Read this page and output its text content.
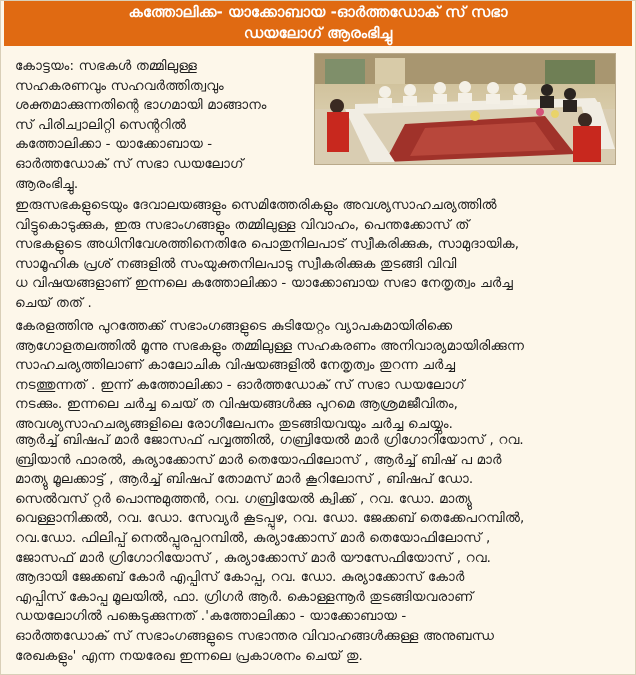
കത്തോലിക്ക- യാക്കോബായ -ഓർത്തഡോക് സ് സഭാ
ഡയലോഗ് ആരംഭിച്ചു
കോട്ടയം: സഭകൾ തമ്മിലുള്ള
സഹകരണവും സഹവർത്തിത്വവും
ശക്തമാക്കുന്നതിന്റെ ഭാഗമായി മാങ്ങാനം
സ് പിരിച്വാലിറ്റി സെന്ററിൽ
കത്തോലിക്കാ - യാക്കോബായ -
ഓർത്തഡോക് സ് സഭാ ഡയലോഗ്
ആരംഭിച്ചു.
ഇരുസഭകളുടെയും ദേവാലയങ്ങളും സെമിത്തേരികളും അവശ്യസാഹചര്യത്തിൽ
വിട്ടുകൊടുക്കുക, ഇരു സഭാംഗങ്ങളും തമ്മിലുള്ള വിവാഹം, പെന്തക്കോസ് ത്
സഭകളുടെ അധിനിവേശത്തിനെതിരേ പൊതുനിലപാട് സ്വീകരിക്കുക, സാമുദായിക,
സാമൂഹിക പ്രശ് നങ്ങളിൽ സംയുക്തനിലപാടു സ്വീകരിക്കുക തുടങ്ങി വിവി
ധ വിഷയങ്ങളാണ് ഇന്നലെ കത്തോലിക്കാ - യാക്കോബായ സഭാ നേതൃത്വം ചർച്ച
ചെയ് തത് .
കേരളത്തിനു പുറത്തേക്ക് സഭാംഗങ്ങളുടെ കുടിയേറ്റം വ്യാപകമായിരിക്കെ
ആഗോളതലത്തിൽ മൂന്നു സഭകളും തമ്മിലുള്ള സഹകരണം അനിവാര്യമായിരിക്കുന്ന
സാഹചര്യത്തിലാണ് കാലോചിക വിഷയങ്ങളിൽ നേതൃത്വം തുറന്ന ചർച്ച
നടത്തുന്നത് . ഇന്ന് കത്തോലിക്കാ - ഓർത്തഡോക് സ് സഭാ ഡയലോഗ്
നടക്കും. ഇന്നലെ ചർച്ച ചെയ് ത വിഷയങ്ങൾക്കു പുറമെ ആശ്രമജീവിതം,
അവശ്യസാഹചര്യങ്ങളിലെ രോഗീലേപനം തുടങ്ങിയവയും ചർച്ച ചെയ്യും.
ആർച്ച് ബിഷപ് മാർ ജോസഫ് പവ്വത്തിൽ, ഗബ്രിയേൽ മാർ ഗ്രിഗോറിയോസ് , റവ.
ബ്രിയാൻ ഫാരൽ, കുര്യാക്കോസ് മാർ തെയോഫിലോസ് , ആർച്ച് ബിഷ് പ മാർ
മാത്യു മൂലക്കാട്ട് , ആർച്ച് ബിഷപ് തോമസ് മാർ കൂറിലോസ് , ബിഷപ് ഡോ.
സെൽവസ് റ്റർ പൊന്നുമുത്തൻ, റവ. ഗബ്രിയേൽ ക്വിക്ക് , റവ. ഡോ. മാത്യു
വെള്ളാനിക്കൽ, റവ. ഡോ. സേവ്യർ കൂടപ്പുഴ, റവ. ഡോ. ജേക്കബ് തെക്കേപറമ്പിൽ,
റവ.ഡോ. ഫിലിപ്പ് നെൽപ്പുരപ്പറമ്പിൽ, കുര്യാക്കോസ് മാർ തെയോഫിലോസ് ,
ജോസഫ് മാർ ഗ്രിഗോറിയോസ് , കുര്യാക്കോസ് മാർ യൗസേഫിയോസ് , റവ.
ആദായി ജേക്കബ് കോർ എപ്പിസ് കോപ്പ, റവ. ഡോ. കുര്യാക്കോസ് കോർ
എപ്പിസ് കോപ്പ മൂലയിൽ, ഫാ. ഗ്രിഗർ ആർ. കൊള്ളന്നൂർ തുടങ്ങിയവരാണ്
ഡയലോഗിൽ പങ്കെടുക്കുന്നത് .'കത്തോലിക്കാ - യാക്കോബായ -
ഓർത്തഡോക് സ് സഭാംഗങ്ങളുടെ സഭാന്തര വിവാഹങ്ങൾക്കുള്ള അനുബന്ധ
രേഖകളും' എന്ന നയരേഖ ഇന്നലെ പ്രകാശനം ചെയ് തു.
